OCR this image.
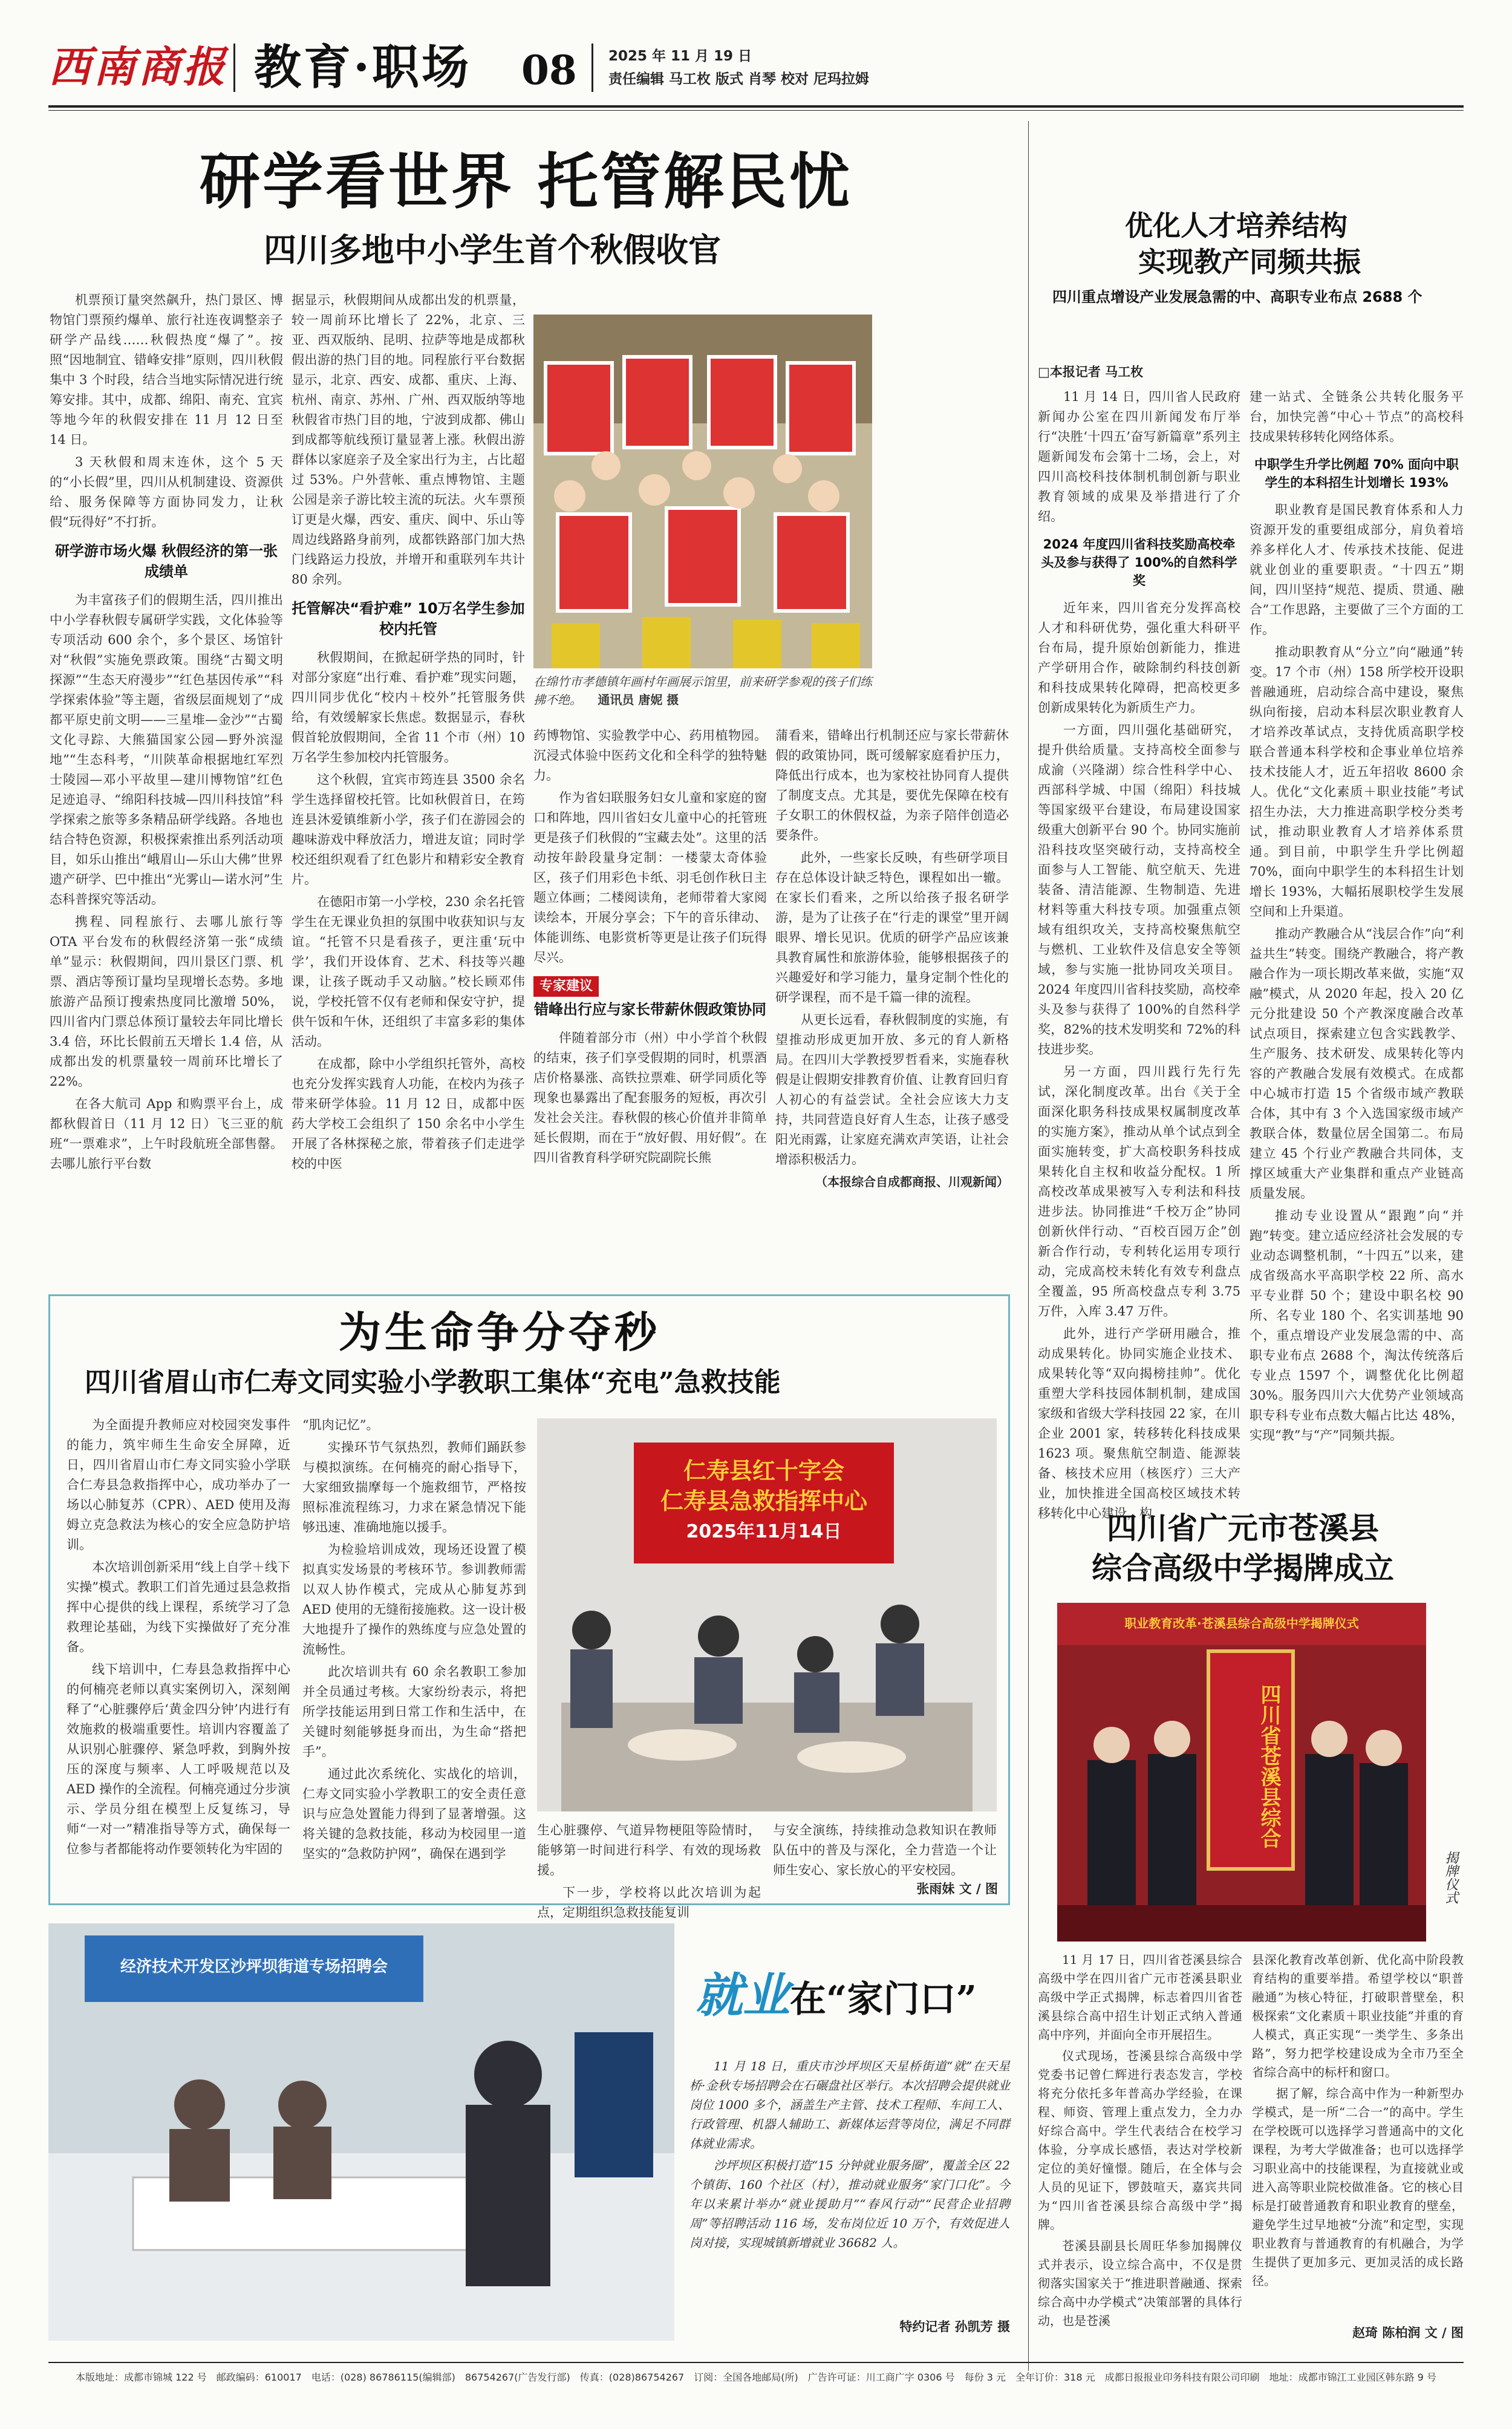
西南商报 教育·职场 08 2025 年 11 月 19 日
责任编辑 马工枚 版式 肖琴 校对 尼玛拉姆
研学看世界 托管解民忧
四川多地中小学生首个秋假收官

机票预订量突然飙升，热门景区、博物馆门票预约爆单、旅行社连夜调整亲子研学产品线……秋假热度“爆了”。按照“因地制宜、错峰安排”原则，四川秋假集中 3 个时段，结合当地实际情况进行统筹安排。其中，成都、绵阳、南充、宜宾等地今年的秋假安排在 11 月 12 日至 14 日。

3 天秋假和周末连休，这个 5 天的“小长假”里，四川从机制建设、资源供给、服务保障等方面协同发力，让秋假“玩得好”不打折。

研学游市场火爆 秋假经济的第一张成绩单

为丰富孩子们的假期生活，四川推出中小学春秋假专属研学实践，文化体验等专项活动 600 余个，多个景区、场馆针对“秋假”实施免票政策。围绕“古蜀文明探源”“生态天府漫步”“红色基因传承”“科学探索体验”等主题，省级层面规划了“成都平原史前文明——三星堆—金沙”“古蜀文化寻踪、大熊猫国家公园—野外滨湿地”“生态科考，“川陕革命根据地红军烈士陵园—邓小平故里—建川博物馆”红色足迹追寻、“绵阳科技城—四川科技馆”科学探索之旅等多条精品研学线路。各地也结合特色资源，积极探索推出系列活动项目，如乐山推出“峨眉山—乐山大佛”世界遗产研学、巴中推出“光雾山—诺水河”生态科普探究等活动。

携程、同程旅行、去哪儿旅行等 OTA 平台发布的秋假经济第一张“成绩单”显示：秋假期间，四川景区门票、机票、酒店等预订量均呈现增长态势。多地旅游产品预订搜索热度同比激增 50%，四川省内门票总体预订量较去年同比增长 3.4 倍，环比长假前五天增长 1.4 倍，从成都出发的机票量较一周前环比增长了 22%。

在各大航司 App 和购票平台上，成都秋假首日（11 月 12 日）飞三亚的航班“一票难求”，上午时段航班全部售罄。去哪儿旅行平台数

据显示，秋假期间从成都出发的机票量，较一周前环比增长了 22%，北京、三亚、西双版纳、昆明、拉萨等地是成都秋假出游的热门目的地。同程旅行平台数据显示，北京、西安、成都、重庆、上海、杭州、南京、苏州、广州、西双版纳等地秋假省市热门目的地，宁波到成都、佛山到成都等航线预订量显著上涨。秋假出游群体以家庭亲子及全家出行为主，占比超过 53%。户外营帐、重点博物馆、主题公园是亲子游比较主流的玩法。火车票预订更是火爆，西安、重庆、阆中、乐山等周边线路路身前列，成都铁路部门加大热门线路运力投放，并增开和重联列车共计 80 余列。

托管解决“看护难” 10万名学生参加校内托管

秋假期间，在掀起研学热的同时，针对部分家庭“出行难、看护难”现实问题，四川同步优化“校内＋校外”托管服务供给，有效缓解家长焦虑。数据显示，春秋假首轮放假期间，全省 11 个市（州）10 万名学生参加校内托管服务。

这个秋假，宜宾市筠连县 3500 余名学生选择留校托管。比如秋假首日，在筠连县沐爱镇维新小学，孩子们在游园会的趣味游戏中释放活力，增进友谊；同时学校还组织观看了红色影片和精彩安全教育片。

在德阳市第一小学校，230 余名托管学生在无课业负担的氛围中收获知识与友谊。“托管不只是看孩子，更注重‘玩中学’，我们开设体育、艺术、科技等兴趣课，让孩子既动手又动脑。”校长顾邓伟说，学校托管不仅有老师和保安守护，提供午饭和午休，还组织了丰富多彩的集体活动。

在成都，除中小学组织托管外，高校也充分发挥实践育人功能，在校内为孩子带来研学体验。11 月 12 日，成都中医药大学校工会组织了 150 余名中小学生开展了各林探秘之旅，带着孩子们走进学校的中医

在绵竹市孝德镇年画村年画展示馆里，前来研学参观的孩子们练拂不绝。 通讯员 唐妮 摄

药博物馆、实验教学中心、药用植物园。沉浸式体验中医药文化和全科学的独特魅力。

作为省妇联服务妇女儿童和家庭的窗口和阵地，四川省妇女儿童中心的托管班更是孩子们秋假的“宝藏去处”。这里的活动按年龄段量身定制：一楼蒙太奇体验区，孩子们用彩色卡纸、羽毛创作秋日主题立体画；二楼阅读角，老师带着大家阅读绘本，开展分享会；下午的音乐律动、体能训练、电影赏析等更是让孩子们玩得尽兴。

专家建议
错峰出行应与家长带薪休假政策协同

伴随着部分市（州）中小学首个秋假的结束，孩子们享受假期的同时，机票酒店价格暴涨、高铁拉票难、研学同质化等现象也暴露出了配套服务的短板，再次引发社会关注。春秋假的核心价值并非简单延长假期，而在于“放好假、用好假”。在四川省教育科学研究院副院长熊

蒲看来，错峰出行机制还应与家长带薪休假的政策协同，既可缓解家庭看护压力，降低出行成本，也为家校社协同育人提供了制度支点。尤其是，要优先保障在校有子女职工的休假权益，为亲子陪伴创造必要条件。

此外，一些家长反映，有些研学项目存在总体设计缺乏特色，课程如出一辙。在家长们看来，之所以给孩子报名研学游，是为了让孩子在“行走的课堂”里开阔眼界、增长见识。优质的研学产品应该兼具教育属性和旅游体验，能够根据孩子的兴趣爱好和学习能力，量身定制个性化的研学课程，而不是千篇一律的流程。

从更长远看，春秋假制度的实施，有望推动形成更加开放、多元的育人新格局。在四川大学教授罗哲看来，实施春秋假是让假期安排教育价值、让教育回归育人初心的有益尝试。全社会应该大力支持，共同营造良好育人生态，让孩子感受阳光雨露，让家庭充满欢声笑语，让社会增添积极活力。

（本报综合自成都商报、川观新闻）
优化人才培养结构
实现教产同频共振
四川重点增设产业发展急需的中、高职专业布点 2688 个
□本报记者 马工枚

11 月 14 日，四川省人民政府新闻办公室在四川新闻发布厅举行“决胜‘十四五’奋写新篇章”系列主题新闻发布会第十二场，会上，对四川高校科技体制机制创新与职业教育领域的成果及举措进行了介绍。

2024 年度四川省科技奖励高校牵头及参与获得了 100%的自然科学奖

近年来，四川省充分发挥高校人才和科研优势，强化重大科研平台布局，提升原始创新能力，推进产学研用合作，破除制约科技创新和科技成果转化障碍，把高校更多创新成果转化为新质生产力。

一方面，四川强化基础研究，提升供给质量。支持高校全面参与成渝（兴隆湖）综合性科学中心、西部科学城、中国（绵阳）科技城等国家级平台建设，布局建设国家级重大创新平台 90 个。协同实施前沿科技攻坚突破行动，支持高校全面参与人工智能、航空航天、先进装备、清洁能源、生物制造、先进材料等重大科技专项。加强重点领域有组织攻关，支持高校聚焦航空与燃机、工业软件及信息安全等领域，参与实施一批协同攻关项目。2024 年度四川省科技奖励，高校牵头及参与获得了 100%的自然科学奖，82%的技术发明奖和 72%的科技进步奖。

另一方面，四川践行先行先试，深化制度改革。出台《关于全面深化职务科技成果权属制度改革的实施方案》，推动从单个试点到全面实施转变，扩大高校职务科技成果转化自主权和收益分配权。1 所高校改革成果被写入专利法和科技进步法。协同推进“千校万企”协同创新伙伴行动、“百校百园万企”创新合作行动，专利转化运用专项行动，完成高校未转化有效专利盘点全覆盖，95 所高校盘点专利 3.75 万件，入库 3.47 万件。

此外，进行产学研用融合，推动成果转化。协同实施企业技术、成果转化等“双向揭榜挂帅”。优化重塑大学科技园体制机制，建成国家级和省级大学科技园 22 家，在川企业 2001 家，转移转化科技成果 1623 项。聚焦航空制造、能源装备、核技术应用（核医疗）三大产业，加快推进全国高校区域技术转移转化中心建设，构

建一站式、全链条公共转化服务平台，加快完善“中心＋节点”的高校科技成果转移转化网络体系。

中职学生升学比例超 70% 面向中职学生的本科招生计划增长 193%

职业教育是国民教育体系和人力资源开发的重要组成部分，肩负着培养多样化人才、传承技术技能、促进就业创业的重要职责。“十四五”期间，四川坚持“规范、提质、贯通、融合”工作思路，主要做了三个方面的工作。

推动职教育从“分立”向“融通”转变。17 个市（州）158 所学校开设职普融通班，启动综合高中建设，聚焦纵向衔接，启动本科层次职业教育人才培养改革试点，支持优质高职学校联合普通本科学校和企事业单位培养技术技能人才，近五年招收 8600 余人。优化“文化素质＋职业技能”考试招生办法，大力推进高职学校分类考试，推动职业教育人才培养体系贯通。到目前，中职学生升学比例超 70%，面向中职学生的本科招生计划增长 193%，大幅拓展职校学生发展空间和上升渠道。

推动产教融合从“浅层合作”向“利益共生”转变。围绕产教融合，将产教融合作为一项长期改革来做，实施“双融”模式，从 2020 年起，投入 20 亿元分批建设 50 个产教深度融合改革试点项目，探索建立包含实践教学、生产服务、技术研发、成果转化等内容的产教融合发展有效模式。在成都中心城市打造 15 个省级市域产教联合体，其中有 3 个入选国家级市域产教联合体，数量位居全国第二。布局建立 45 个行业产教融合共同体，支撑区域重大产业集群和重点产业链高质量发展。

推动专业设置从“跟跑”向“并跑”转变。建立适应经济社会发展的专业动态调整机制，“十四五”以来，建成省级高水平高职学校 22 所、高水平专业群 50 个；建设中职名校 90 所、名专业 180 个、名实训基地 90 个，重点增设产业发展急需的中、高职专业布点 2688 个，淘汰传统落后专业点 1597 个，调整优化比例超 30%。服务四川六大优势产业领域高职专科专业布点数大幅占比达 48%，实现“教”与“产”同频共振。

为生命争分夺秒
四川省眉山市仁寿文同实验小学教职工集体“充电”急救技能

为全面提升教师应对校园突发事件的能力，筑牢师生生命安全屏障，近日，四川省眉山市仁寿文同实验小学联合仁寿县急救指挥中心，成功举办了一场以心肺复苏（CPR）、AED 使用及海姆立克急救法为核心的安全应急防护培训。

本次培训创新采用“线上自学＋线下实操”模式。教职工们首先通过县急救指挥中心提供的线上课程，系统学习了急救理论基础，为线下实操做好了充分准备。

线下培训中，仁寿县急救指挥中心的何楠亮老师以真实案例切入，深刻阐释了“心脏骤停后‘黄金四分钟’内进行有效施救的极端重要性。培训内容覆盖了从识别心脏骤停、紧急呼救，到胸外按压的深度与频率、人工呼吸规范以及 AED 操作的全流程。何楠亮通过分步演示、学员分组在模型上反复练习，导师“一对一”精准指导等方式，确保每一位参与者都能将动作要领转化为牢固的

“肌肉记忆”。

实操环节气氛热烈，教师们踊跃参与模拟演练。在何楠亮的耐心指导下，大家细致揣摩每一个施救细节，严格按照标准流程练习，力求在紧急情况下能够迅速、准确地施以援手。

为检验培训成效，现场还设置了模拟真实发场景的考核环节。参训教师需以双人协作模式，完成从心肺复苏到 AED 使用的无缝衔接施救。这一设计极大地提升了操作的熟练度与应急处置的流畅性。

此次培训共有 60 余名教职工参加并全员通过考核。大家纷纷表示，将把所学技能运用到日常工作和生活中，在关键时刻能够挺身而出，为生命“搭把手”。

通过此次系统化、实战化的培训，仁寿文同实验小学教职工的安全责任意识与应急处置能力得到了显著增强。这将关键的急救技能，移动为校园里一道坚实的“急救防护网”，确保在遇到学

仁寿县红十字会
仁寿县急救指挥中心
2025年11月14日

生心脏骤停、气道异物梗阻等险情时，能够第一时间进行科学、有效的现场救援。

下一步，学校将以此次培训为起点，定期组织急救技能复训

与安全演练，持续推动急救知识在教师队伍中的普及与深化，全力营造一个让师生安心、家长放心的平安校园。

张雨妹 文 / 图
经济技术开发区沙坪坝街道专场招聘会
就业在“家门口”

11 月 18 日，重庆市沙坪坝区天星桥街道“就”在天星桥·金秋专场招聘会在石碾盘社区举行。本次招聘会提供就业岗位 1000 多个，涵盖生产主管、技术工程师、车间工人、行政管理、机器人辅助工、新媒体运营等岗位，满足不同群体就业需求。

沙坪坝区积极打造“15 分钟就业服务圈”，覆盖全区 22 个镇街、160 个社区（村），推动就业服务“家门口化”。今年以来累计举办“就业援助月”“春风行动”“民营企业招聘周”等招聘活动 116 场，发布岗位近 10 万个，有效促进人岗对接，实现城镇新增就业 36682 人。

特约记者 孙凯芳 摄
四川省广元市苍溪县
综合高级中学揭牌成立
职业教育改革·苍溪县综合高级中学揭牌仪式
四川省苍溪县综合
揭牌仪式

11 月 17 日，四川省苍溪县综合高级中学在四川省广元市苍溪县职业高级中学正式揭牌，标志着四川省苍溪县综合高中招生计划正式纳入普通高中序列，并面向全市开展招生。

仪式现场，苍溪县综合高级中学党委书记曾仁辉进行表态发言，学校将充分依托多年普高办学经验，在课程、师资、管理上重点发力，全力办好综合高中。学生代表结合在校学习体验，分享成长感悟，表达对学校新定位的美好憧憬。随后，在全体与会人员的见证下，锣鼓喧天，嘉宾共同为“四川省苍溪县综合高级中学”揭牌。

苍溪县副县长周旺华参加揭牌仪式并表示，设立综合高中，不仅是贯彻落实国家关于“推进职普融通、探索综合高中办学模式”决策部署的具体行动，也是苍溪

县深化教育改革创新、优化高中阶段教育结构的重要举措。希望学校以“职普融通”为核心特征，打破职普壁垒，积极探索“文化素质＋职业技能”并重的育人模式，真正实现“一类学生、多条出路”，努力把学校建设成为全市乃至全省综合高中的标杆和窗口。

据了解，综合高中作为一种新型办学模式，是一所“二合一”的高中。学生在学校既可以选择学习普通高中的文化课程，为考大学做准备；也可以选择学习职业高中的技能课程，为直接就业或进入高等职业院校做准备。它的核心目标是打破普通教育和职业教育的壁垒，避免学生过早地被“分流”和定型，实现职业教育与普通教育的有机融合，为学生提供了更加多元、更加灵活的成长路径。

赵琦 陈柏润 文 / 图
本版地址：成都市锦城 122 号　邮政编码：610017　电话：(028) 86786115(编辑部)　86754267(广告发行部)　传真：(028)86754267　订阅：全国各地邮局(所)　广告许可证：川工商广字 0306 号　每份 3 元　全年订价：318 元　成都日报报业印务科技有限公司印刷　地址：成都市锦江工业园区韩东路 9 号
